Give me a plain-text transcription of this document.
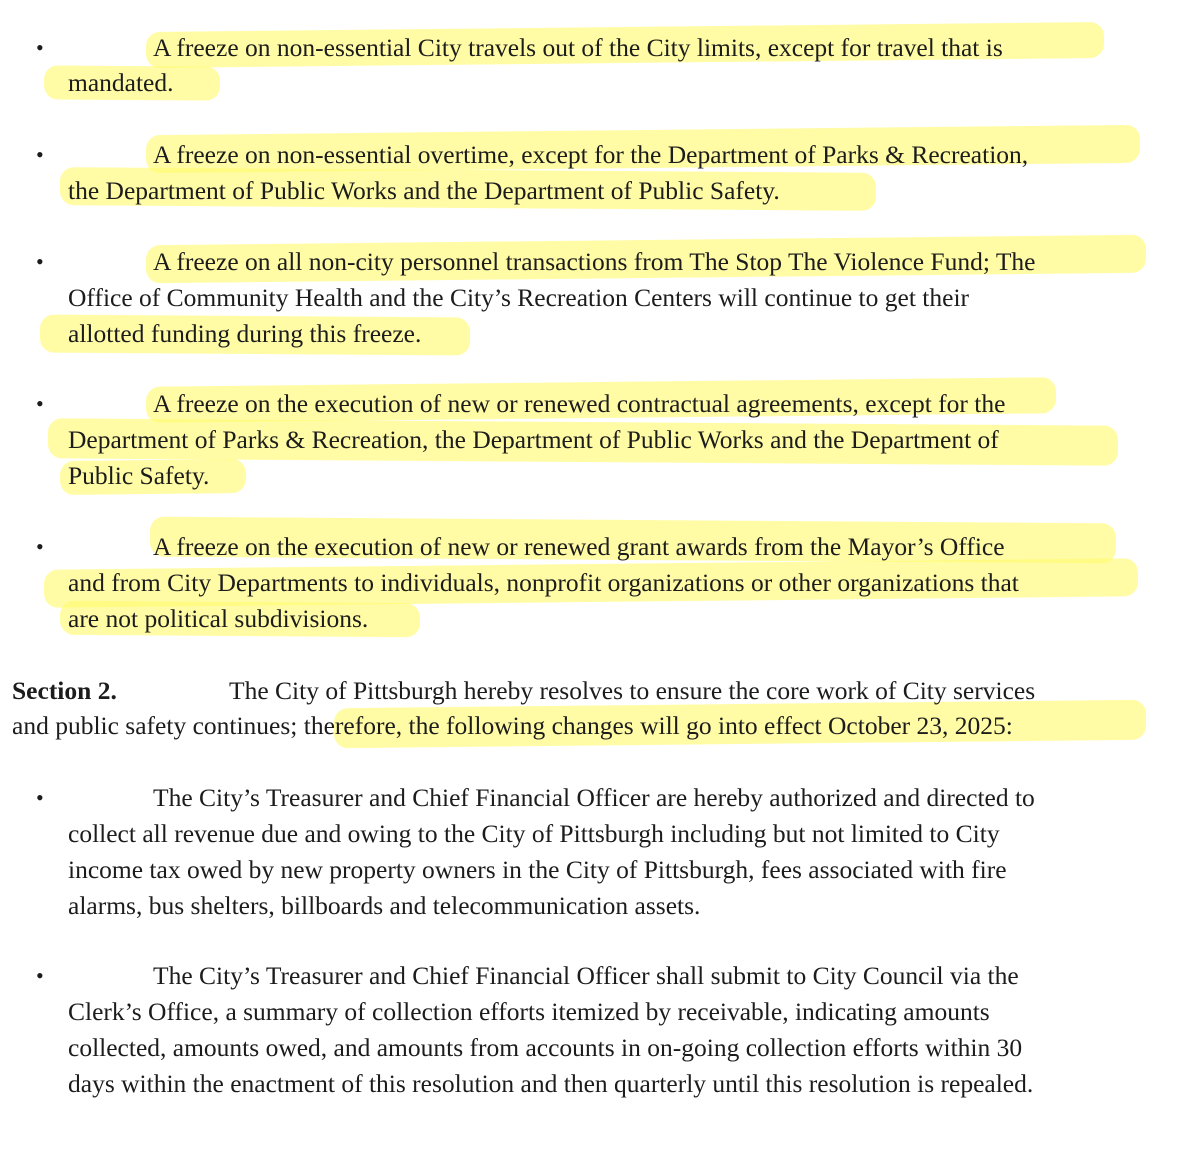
•	A freeze on non-essential City travels out of the City limits, except for travel that is
mandated.
•	A freeze on non-essential overtime, except for the Department of Parks & Recreation,
the Department of Public Works and the Department of Public Safety.
•	A freeze on all non-city personnel transactions from The Stop The Violence Fund; The
Office of Community Health and the City’s Recreation Centers will continue to get their
allotted funding during this freeze.
•	A freeze on the execution of new or renewed contractual agreements, except for the
Department of Parks & Recreation, the Department of Public Works and the Department of
Public Safety.
•	A freeze on the execution of new or renewed grant awards from the Mayor’s Office
and from City Departments to individuals, nonprofit organizations or other organizations that
are not political subdivisions.
Section 2.	The City of Pittsburgh hereby resolves to ensure the core work of City services
and public safety continues; therefore, the following changes will go into effect October 23, 2025:
•	The City’s Treasurer and Chief Financial Officer are hereby authorized and directed to
collect all revenue due and owing to the City of Pittsburgh including but not limited to City
income tax owed by new property owners in the City of Pittsburgh, fees associated with fire
alarms, bus shelters, billboards and telecommunication assets.
•	The City’s Treasurer and Chief Financial Officer shall submit to City Council via the
Clerk’s Office, a summary of collection efforts itemized by receivable, indicating amounts
collected, amounts owed, and amounts from accounts in on-going collection efforts within 30
days within the enactment of this resolution and then quarterly until this resolution is repealed.
